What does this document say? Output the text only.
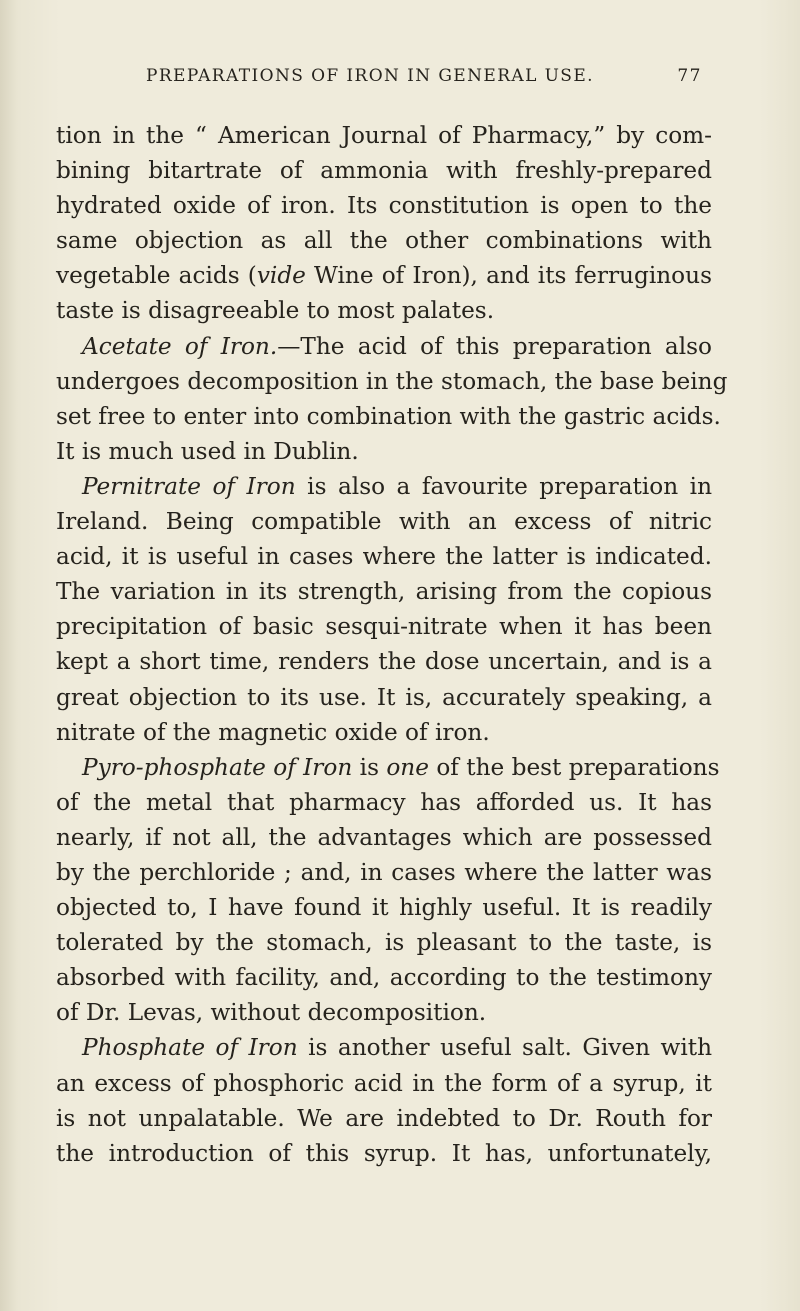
PREPARATIONS OF IRON IN GENERAL USE.	77
tion in the “ American Journal of Pharmacy,” by com-
bining bitartrate of ammonia with freshly-prepared
hydrated oxide of iron. Its constitution is open to the
same objection as all the other combinations with
vegetable acids (vide Wine of Iron), and its ferruginous
taste is disagreeable to most palates.
Acetate of Iron.—The acid of this preparation also
undergoes decomposition in the stomach, the base being
set free to enter into combination with the gastric acids.
It is much used in Dublin.
Pernitrate of Iron is also a favourite preparation in
Ireland. Being compatible with an excess of nitric
acid, it is useful in cases where the latter is indicated.
The variation in its strength, arising from the copious
precipitation of basic sesqui-nitrate when it has been
kept a short time, renders the dose uncertain, and is a
great objection to its use. It is, accurately speaking, a
nitrate of the magnetic oxide of iron.
Pyro-phosphate of Iron is one of the best preparations
of the metal that pharmacy has afforded us. It has
nearly, if not all, the advantages which are possessed
by the perchloride ; and, in cases where the latter was
objected to, I have found it highly useful. It is readily
tolerated by the stomach, is pleasant to the taste, is
absorbed with facility, and, according to the testimony
of Dr. Levas, without decomposition.
Phosphate of Iron is another useful salt. Given with
an excess of phosphoric acid in the form of a syrup, it
is not unpalatable. We are indebted to Dr. Routh for
the introduction of this syrup. It has, unfortunately,
